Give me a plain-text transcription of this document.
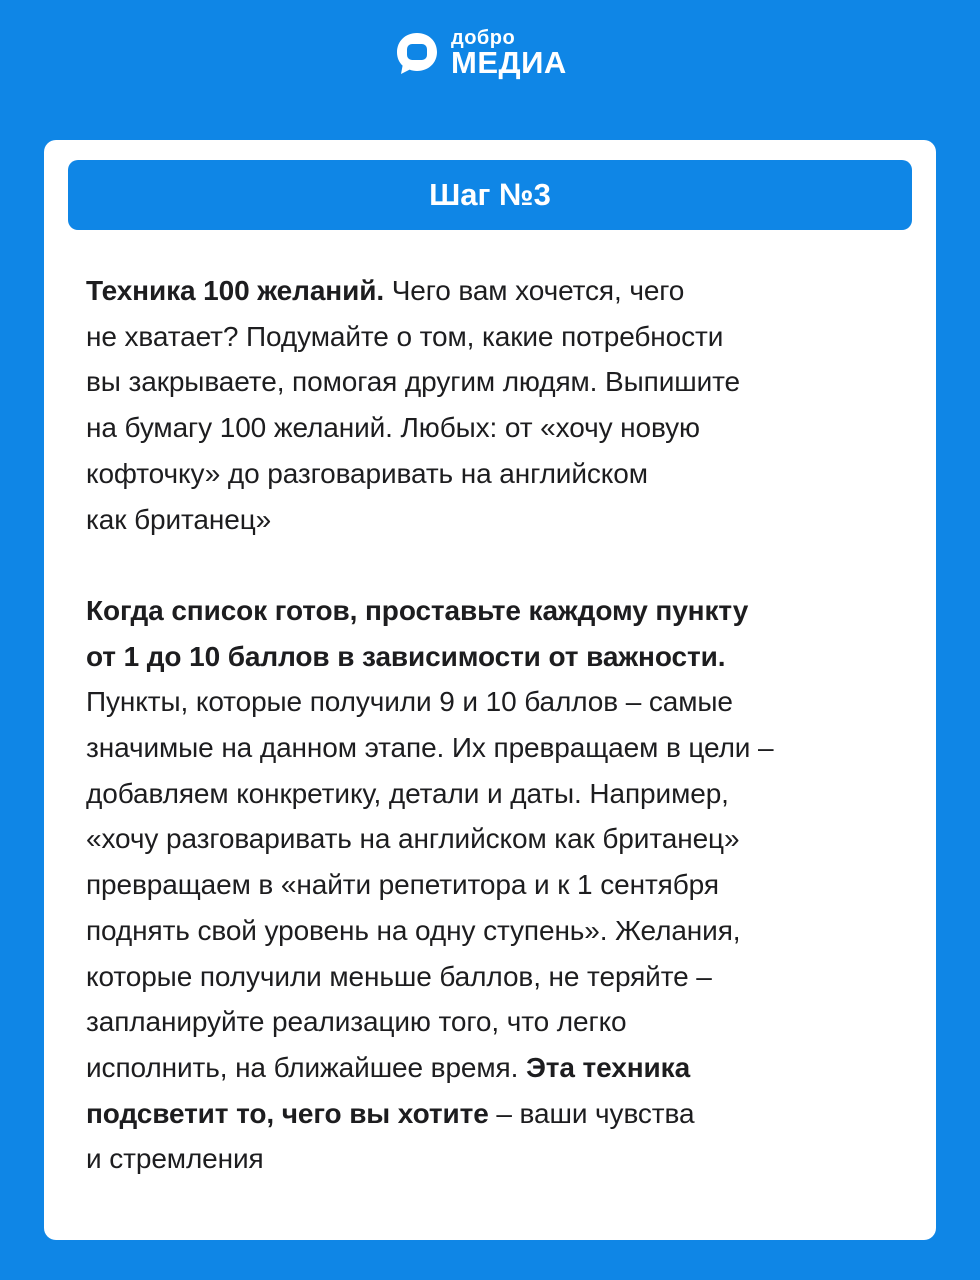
добро
МЕДИА
Шаг №3

Техника 100 желаний. Чего вам хочется, чего
не хватает? Подумайте о том, какие потребности
вы закрываете, помогая другим людям. Выпишите
на бумагу 100 желаний. Любых: от «хочу новую
кофточку» до разговаривать на английском
как британец»

Когда список готов, проставьте каждому пункту
от 1 до 10 баллов в зависимости от важности.
Пункты, которые получили 9 и 10 баллов – самые
значимые на данном этапе. Их превращаем в цели –
добавляем конкретику, детали и даты. Например,
«хочу разговаривать на английском как британец»
превращаем в «найти репетитора и к 1 сентября
поднять свой уровень на одну ступень». Желания,
которые получили меньше баллов, не теряйте –
запланируйте реализацию того, что легко
исполнить, на ближайшее время. Эта техника
подсветит то, чего вы хотите – ваши чувства
и стремления
